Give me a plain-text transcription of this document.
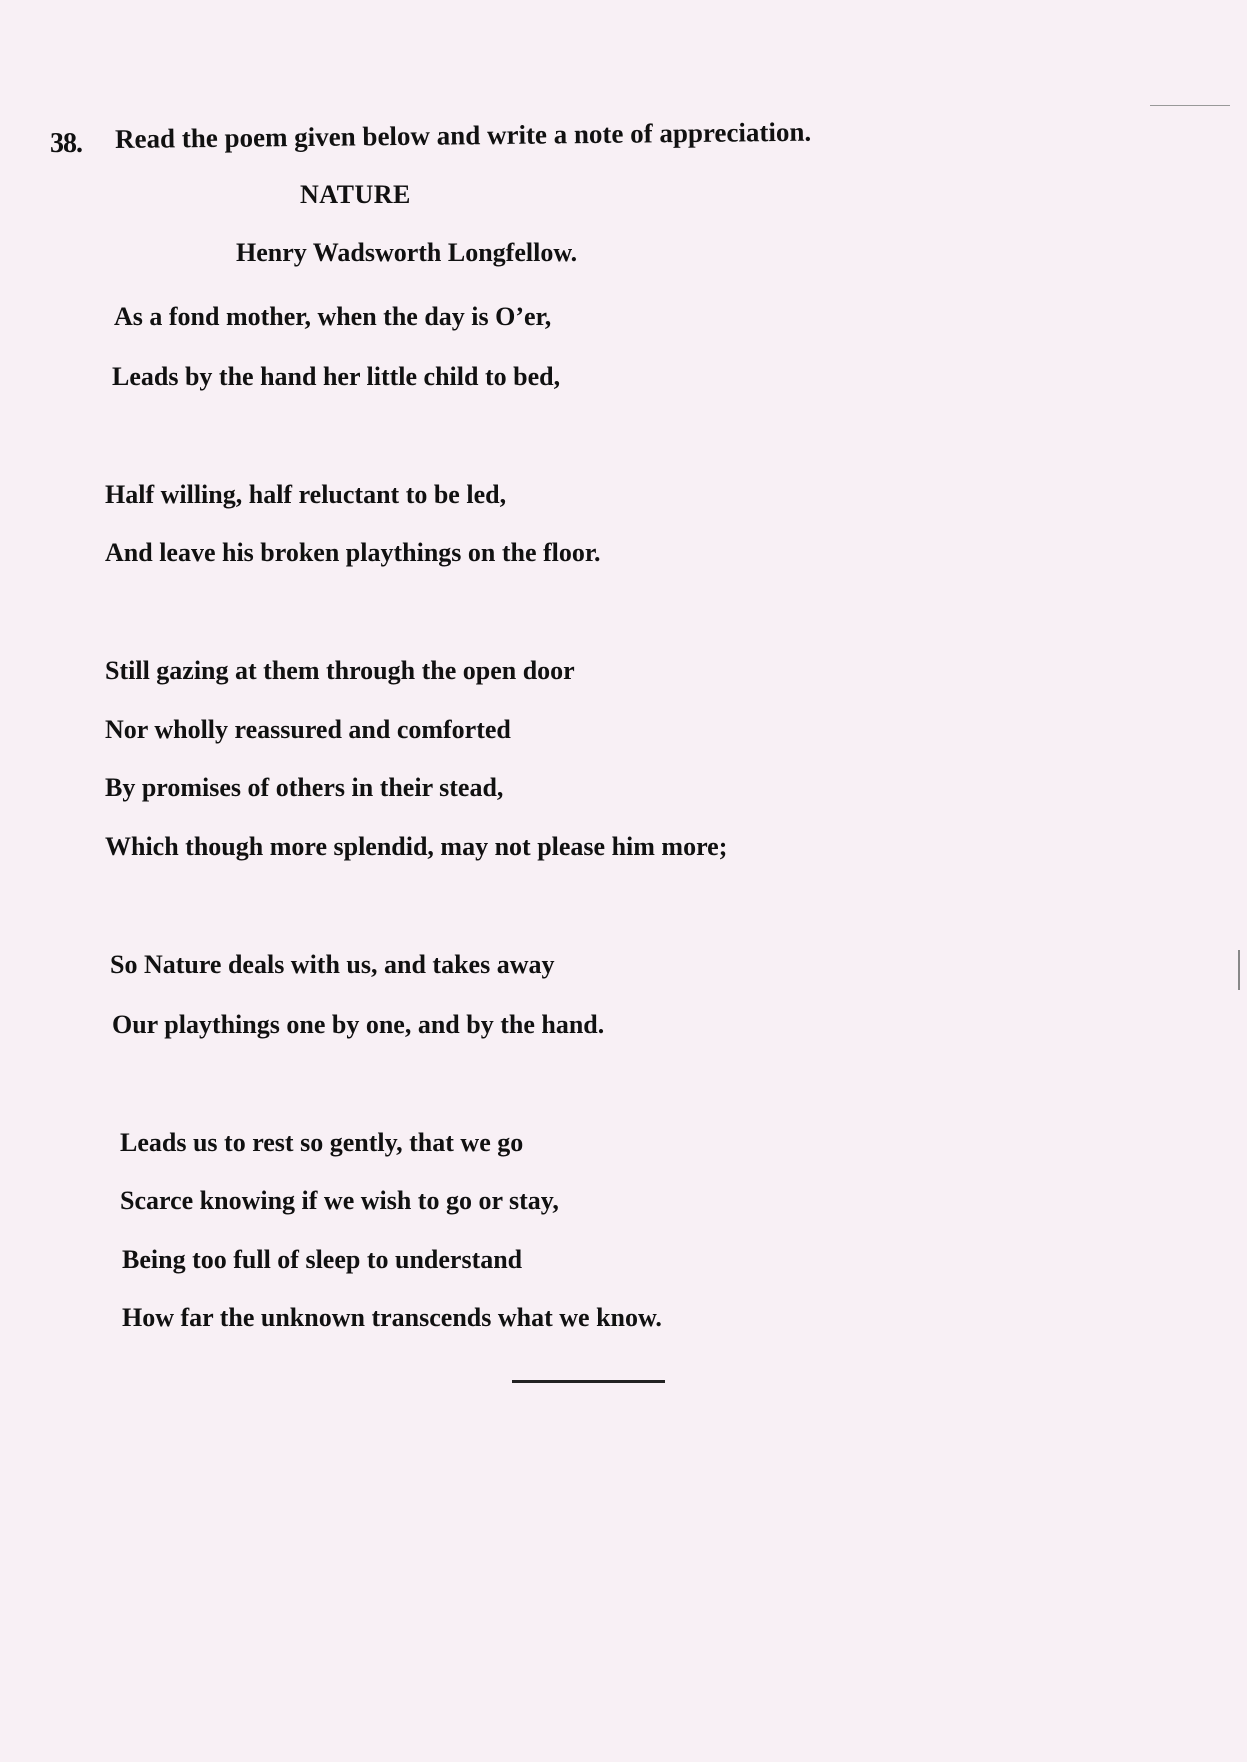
38. Read the poem given below and write a note of appreciation.
NATURE
Henry Wadsworth Longfellow.
As a fond mother, when the day is O’er,
Leads by the hand her little child to bed,
Half willing, half reluctant to be led,
And leave his broken playthings on the floor.
Still gazing at them through the open door
Nor wholly reassured and comforted
By promises of others in their stead,
Which though more splendid, may not please him more;
So Nature deals with us, and takes away
Our playthings one by one, and by the hand.
Leads us to rest so gently, that we go
Scarce knowing if we wish to go or stay,
Being too full of sleep to understand
How far the unknown transcends what we know.
